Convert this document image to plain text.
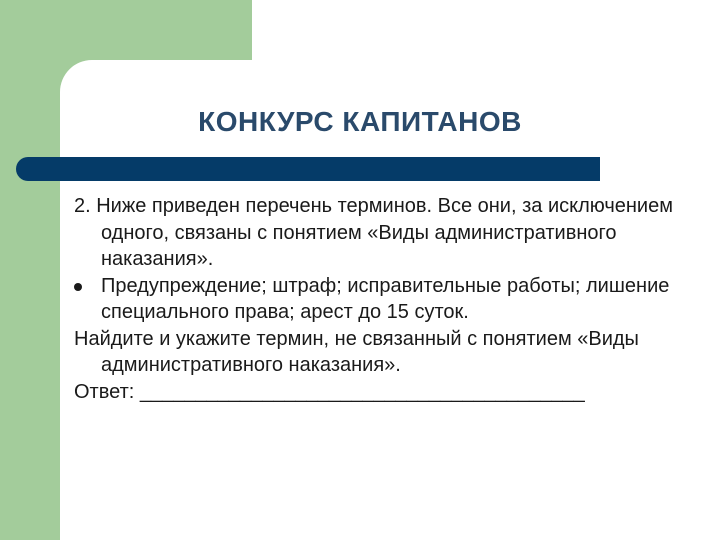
КОНКУРС КАПИТАНОВ

2. Ниже приведен перечень терминов. Все они, за исключением одного, связаны с понятием «Виды административного наказания».

Предупреждение; штраф; исправительные работы; лишение специального права; арест до 15 суток.

Найдите и укажите термин, не связанный с понятием «Виды административного наказания».

Ответ: ________________________________________
